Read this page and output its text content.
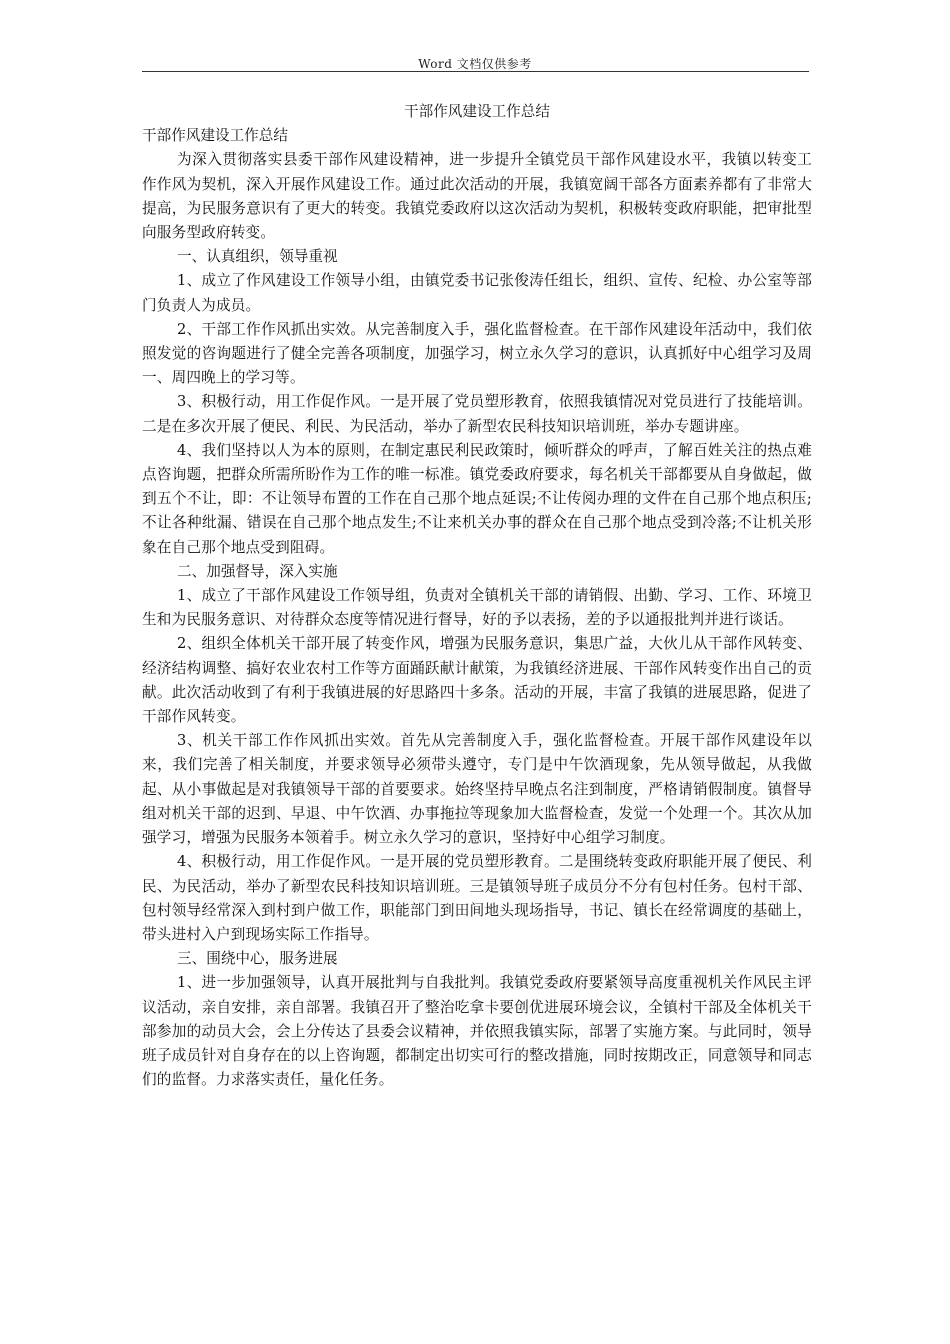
Word 文档仅供参考

干部作风建设工作总结

干部作风建设工作总结

为深入贯彻落实县委干部作风建设精神，进一步提升全镇党员干部作风建设水平，我镇以转变工作作风为契机，深入开展作风建设工作。通过此次活动的开展，我镇宽阔干部各方面素养都有了非常大提高，为民服务意识有了更大的转变。我镇党委政府以这次活动为契机，积极转变政府职能，把审批型向服务型政府转变。

一、认真组织，领导重视

1、成立了作风建设工作领导小组，由镇党委书记张俊涛任组长，组织、宣传、纪检、办公室等部门负责人为成员。

2、干部工作作风抓出实效。从完善制度入手，强化监督检查。在干部作风建设年活动中，我们依照发觉的咨询题进行了健全完善各项制度，加强学习，树立永久学习的意识，认真抓好中心组学习及周一、周四晚上的学习等。

3、积极行动，用工作促作风。一是开展了党员塑形教育，依照我镇情况对党员进行了技能培训。二是在多次开展了便民、利民、为民活动，举办了新型农民科技知识培训班，举办专题讲座。

4、我们坚持以人为本的原则，在制定惠民利民政策时，倾听群众的呼声，了解百姓关注的热点难点咨询题，把群众所需所盼作为工作的唯一标准。镇党委政府要求，每名机关干部都要从自身做起，做到五个不让，即：不让领导布置的工作在自己那个地点延误;不让传阅办理的文件在自己那个地点积压;不让各种纰漏、错误在自己那个地点发生;不让来机关办事的群众在自己那个地点受到冷落;不让机关形象在自己那个地点受到阻碍。

二、加强督导，深入实施

1、成立了干部作风建设工作领导组，负责对全镇机关干部的请销假、出勤、学习、工作、环境卫生和为民服务意识、对待群众态度等情况进行督导，好的予以表扬，差的予以通报批判并进行谈话。

2、组织全体机关干部开展了转变作风，增强为民服务意识，集思广益，大伙儿从干部作风转变、经济结构调整、搞好农业农村工作等方面踊跃献计献策，为我镇经济进展、干部作风转变作出自己的贡献。此次活动收到了有利于我镇进展的好思路四十多条。活动的开展，丰富了我镇的进展思路，促进了干部作风转变。

3、机关干部工作作风抓出实效。首先从完善制度入手，强化监督检查。开展干部作风建设年以来，我们完善了相关制度，并要求领导必须带头遵守，专门是中午饮酒现象，先从领导做起，从我做起、从小事做起是对我镇领导干部的首要要求。始终坚持早晚点名注到制度，严格请销假制度。镇督导组对机关干部的迟到、早退、中午饮酒、办事拖拉等现象加大监督检查，发觉一个处理一个。其次从加强学习，增强为民服务本领着手。树立永久学习的意识，坚持好中心组学习制度。

4、积极行动，用工作促作风。一是开展的党员塑形教育。二是围绕转变政府职能开展了便民、利民、为民活动，举办了新型农民科技知识培训班。三是镇领导班子成员分不分有包村任务。包村干部、包村领导经常深入到村到户做工作，职能部门到田间地头现场指导，书记、镇长在经常调度的基础上，带头进村入户到现场实际工作指导。

三、围绕中心，服务进展

1、进一步加强领导，认真开展批判与自我批判。我镇党委政府要紧领导高度重视机关作风民主评议活动，亲自安排，亲自部署。我镇召开了整治吃拿卡要创优进展环境会议，全镇村干部及全体机关干部参加的动员大会，会上分传达了县委会议精神，并依照我镇实际，部署了实施方案。与此同时，领导班子成员针对自身存在的以上咨询题，都制定出切实可行的整改措施，同时按期改正，同意领导和同志们的监督。力求落实责任，量化任务。
